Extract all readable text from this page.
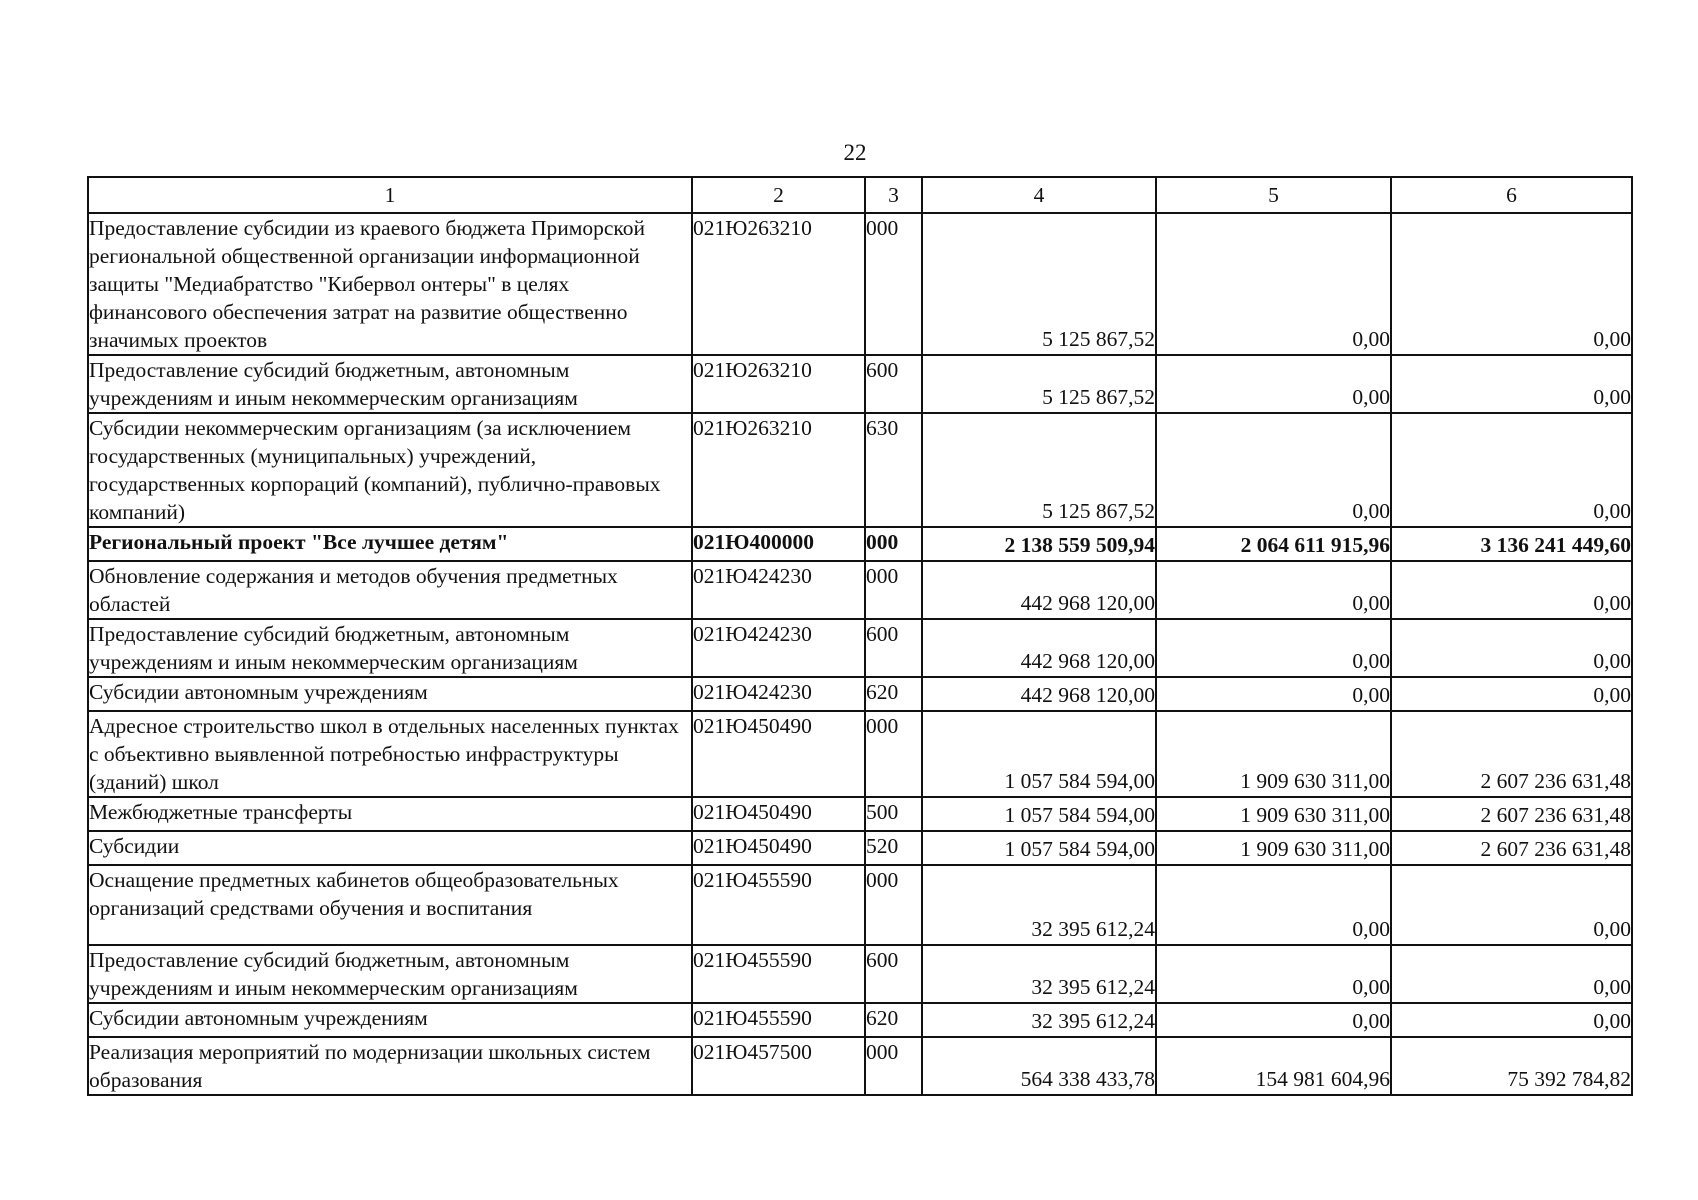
22
1	2	3	4	5	6
Предоставление субсидии из краевого бюджета Приморской региональной общественной организации информационной защиты "Медиабратство "Кибервол онтеры" в целях финансового обеспечения затрат на развитие общественно значимых проектов	021Ю263210	000	5 125 867,52	0,00	0,00
Предоставление субсидий бюджетным, автономным учреждениям и иным некоммерческим организациям	021Ю263210	600	5 125 867,52	0,00	0,00
Субсидии некоммерческим организациям (за исключением государственных (муниципальных) учреждений, государственных корпораций (компаний), публично-правовых компаний)	021Ю263210	630	5 125 867,52	0,00	0,00
Региональный проект "Все лучшее детям"	021Ю400000	000	2 138 559 509,94	2 064 611 915,96	3 136 241 449,60
Обновление содержания и методов обучения предметных областей	021Ю424230	000	442 968 120,00	0,00	0,00
Предоставление субсидий бюджетным, автономным учреждениям и иным некоммерческим организациям	021Ю424230	600	442 968 120,00	0,00	0,00
Субсидии автономным учреждениям	021Ю424230	620	442 968 120,00	0,00	0,00
Адресное строительство школ в отдельных населенных пунктах с объективно выявленной потребностью инфраструктуры (зданий) школ	021Ю450490	000	1 057 584 594,00	1 909 630 311,00	2 607 236 631,48
Межбюджетные трансферты	021Ю450490	500	1 057 584 594,00	1 909 630 311,00	2 607 236 631,48
Субсидии	021Ю450490	520	1 057 584 594,00	1 909 630 311,00	2 607 236 631,48
Оснащение предметных кабинетов общеобразовательных организаций средствами обучения и воспитания	021Ю455590	000	32 395 612,24	0,00	0,00
Предоставление субсидий бюджетным, автономным учреждениям и иным некоммерческим организациям	021Ю455590	600	32 395 612,24	0,00	0,00
Субсидии автономным учреждениям	021Ю455590	620	32 395 612,24	0,00	0,00
Реализация мероприятий по модернизации школьных систем образования	021Ю457500	000	564 338 433,78	154 981 604,96	75 392 784,82
